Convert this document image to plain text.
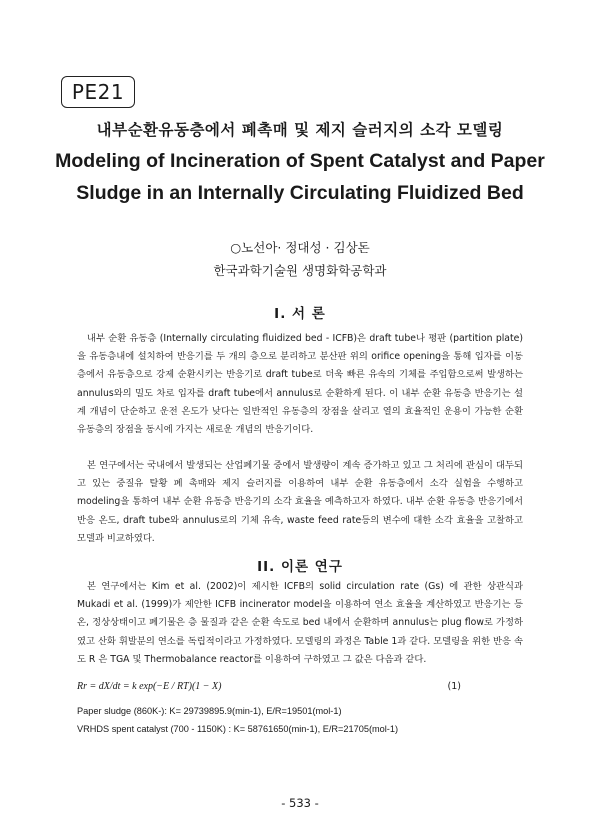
PE21
내부순환유동층에서 폐촉매 및 제지 슬러지의 소각 모델링
Modeling of Incineration of Spent Catalyst and Paper
Sludge in an Internally Circulating Fluidized Bed
○노선아· 정대성 · 김상돈
한국과학기술원 생명화학공학과
I. 서 론

내부 순환 유동층 (Internally circulating fluidized bed - ICFB)은 draft tube나 평판 (partition plate)을 유동층내에 설치하여 반응기를 두 개의 층으로 분리하고 분산판 위의 orifice opening을 통해 입자를 이동 층에서 유동층으로 강제 순환시키는 반응기로 draft tube로 더욱 빠른 유속의 기체를 주입함으로써 발생하는 annulus와의 밀도 차로 입자를 draft tube에서 annulus로 순환하게 된다. 이 내부 순환 유동층 반응기는 설계 개념이 단순하고 운전 온도가 낮다는 일반적인 유동층의 장점을 살리고 열의 효율적인 운용이 가능한 순환 유동층의 장점을 동시에 가지는 새로운 개념의 반응기이다.

본 연구에서는 국내에서 발생되는 산업폐기물 중에서 발생량이 계속 증가하고 있고 그 처리에 관심이 대두되고 있는 중질유 탈황 폐 촉매와 제지 슬러지를 이용하여 내부 순환 유동층에서 소각 실험을 수행하고 modeling을 통하여 내부 순환 유동층 반응기의 소각 효율을 예측하고자 하였다. 내부 순환 유동층 반응기에서 반응 온도, draft tube와 annulus로의 기체 유속, waste feed rate등의 변수에 대한 소각 효율을 고찰하고 모델과 비교하였다.

II. 이론 연구

본 연구에서는 Kim et al. (2002)이 제시한 ICFB의 solid circulation rate (Gs) 에 관한 상관식과 Mukadi et al. (1999)가 제안한 ICFB incinerator model을 이용하여 연소 효율을 계산하였고 반응기는 등온, 정상상태이고 폐기물은 층 물질과 같은 순환 속도로 bed 내에서 순환하며 annulus는 plug flow로 가정하였고 산화 휘발분의 연소를 독립적이라고 가정하였다. 모델링의 과정은 Table 1과 같다. 모델링을 위한 반응 속도 R 은 TGA 및 Thermobalance reactor를 이용하여 구하였고 그 값은 다음과 같다.

Rr = dX/dt = k exp(−E / RT)(1 − X)	(1)
Paper sludge (860K-): K= 29739895.9(min-1), E/R=19501(mol-1)
VRHDS spent catalyst (700 - 1150K) : K= 58761650(min-1), E/R=21705(mol-1)
- 533 -
